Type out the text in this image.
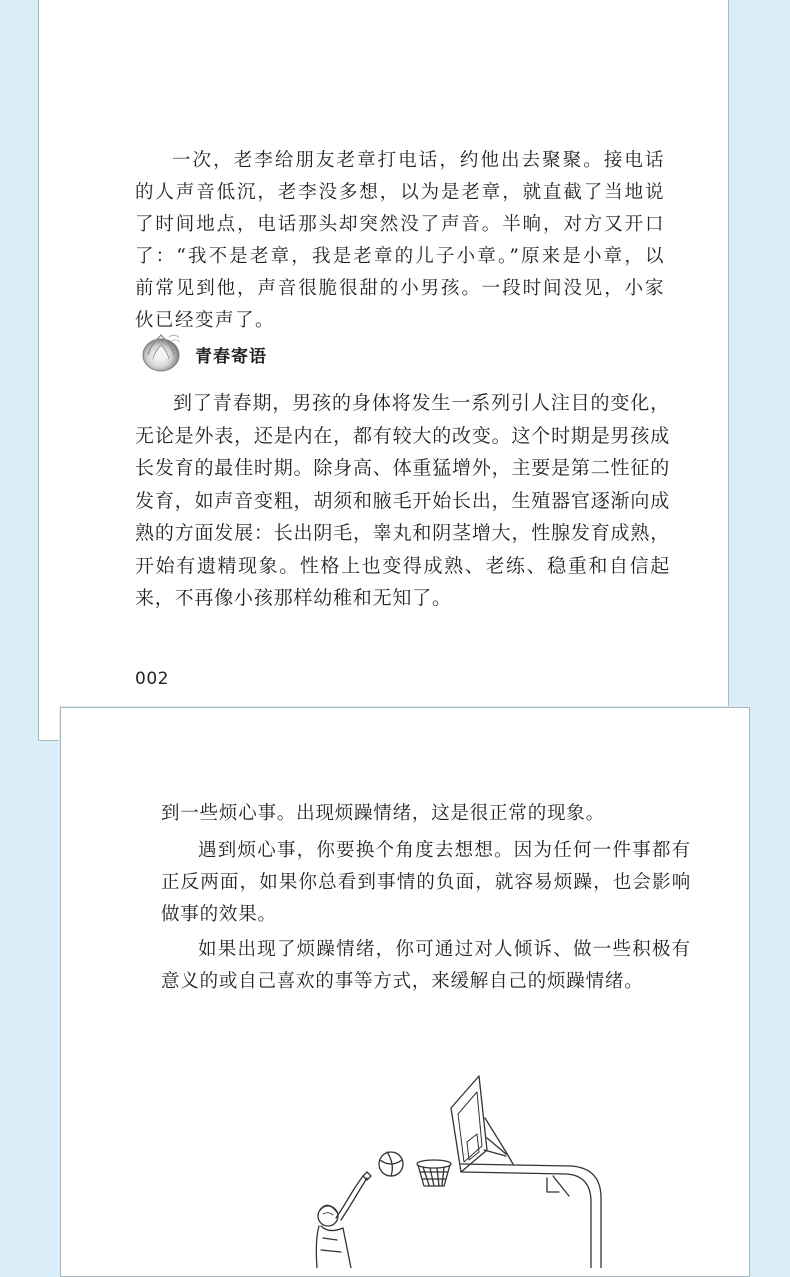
一次，老李给朋友老章打电话，约他出去聚聚。接电话的人声音低沉，老李没多想，以为是老章，就直截了当地说了时间地点，电话那头却突然没了声音。半晌，对方又开口了：“我不是老章，我是老章的儿子小章。”原来是小章，以前常见到他，声音很脆很甜的小男孩。一段时间没见，小家伙已经变声了。

青春寄语

到了青春期，男孩的身体将发生一系列引人注目的变化，无论是外表，还是内在，都有较大的改变。这个时期是男孩成长发育的最佳时期。除身高、体重猛增外，主要是第二性征的发育，如声音变粗，胡须和腋毛开始长出，生殖器官逐渐向成熟的方面发展：长出阴毛，睾丸和阴茎增大，性腺发育成熟，开始有遗精现象。性格上也变得成熟、老练、稳重和自信起来，不再像小孩那样幼稚和无知了。

002

到一些烦心事。出现烦躁情绪，这是很正常的现象。

遇到烦心事，你要换个角度去想想。因为任何一件事都有正反两面，如果你总看到事情的负面，就容易烦躁，也会影响做事的效果。

如果出现了烦躁情绪，你可通过对人倾诉、做一些积极有意义的或自己喜欢的事等方式，来缓解自己的烦躁情绪。
